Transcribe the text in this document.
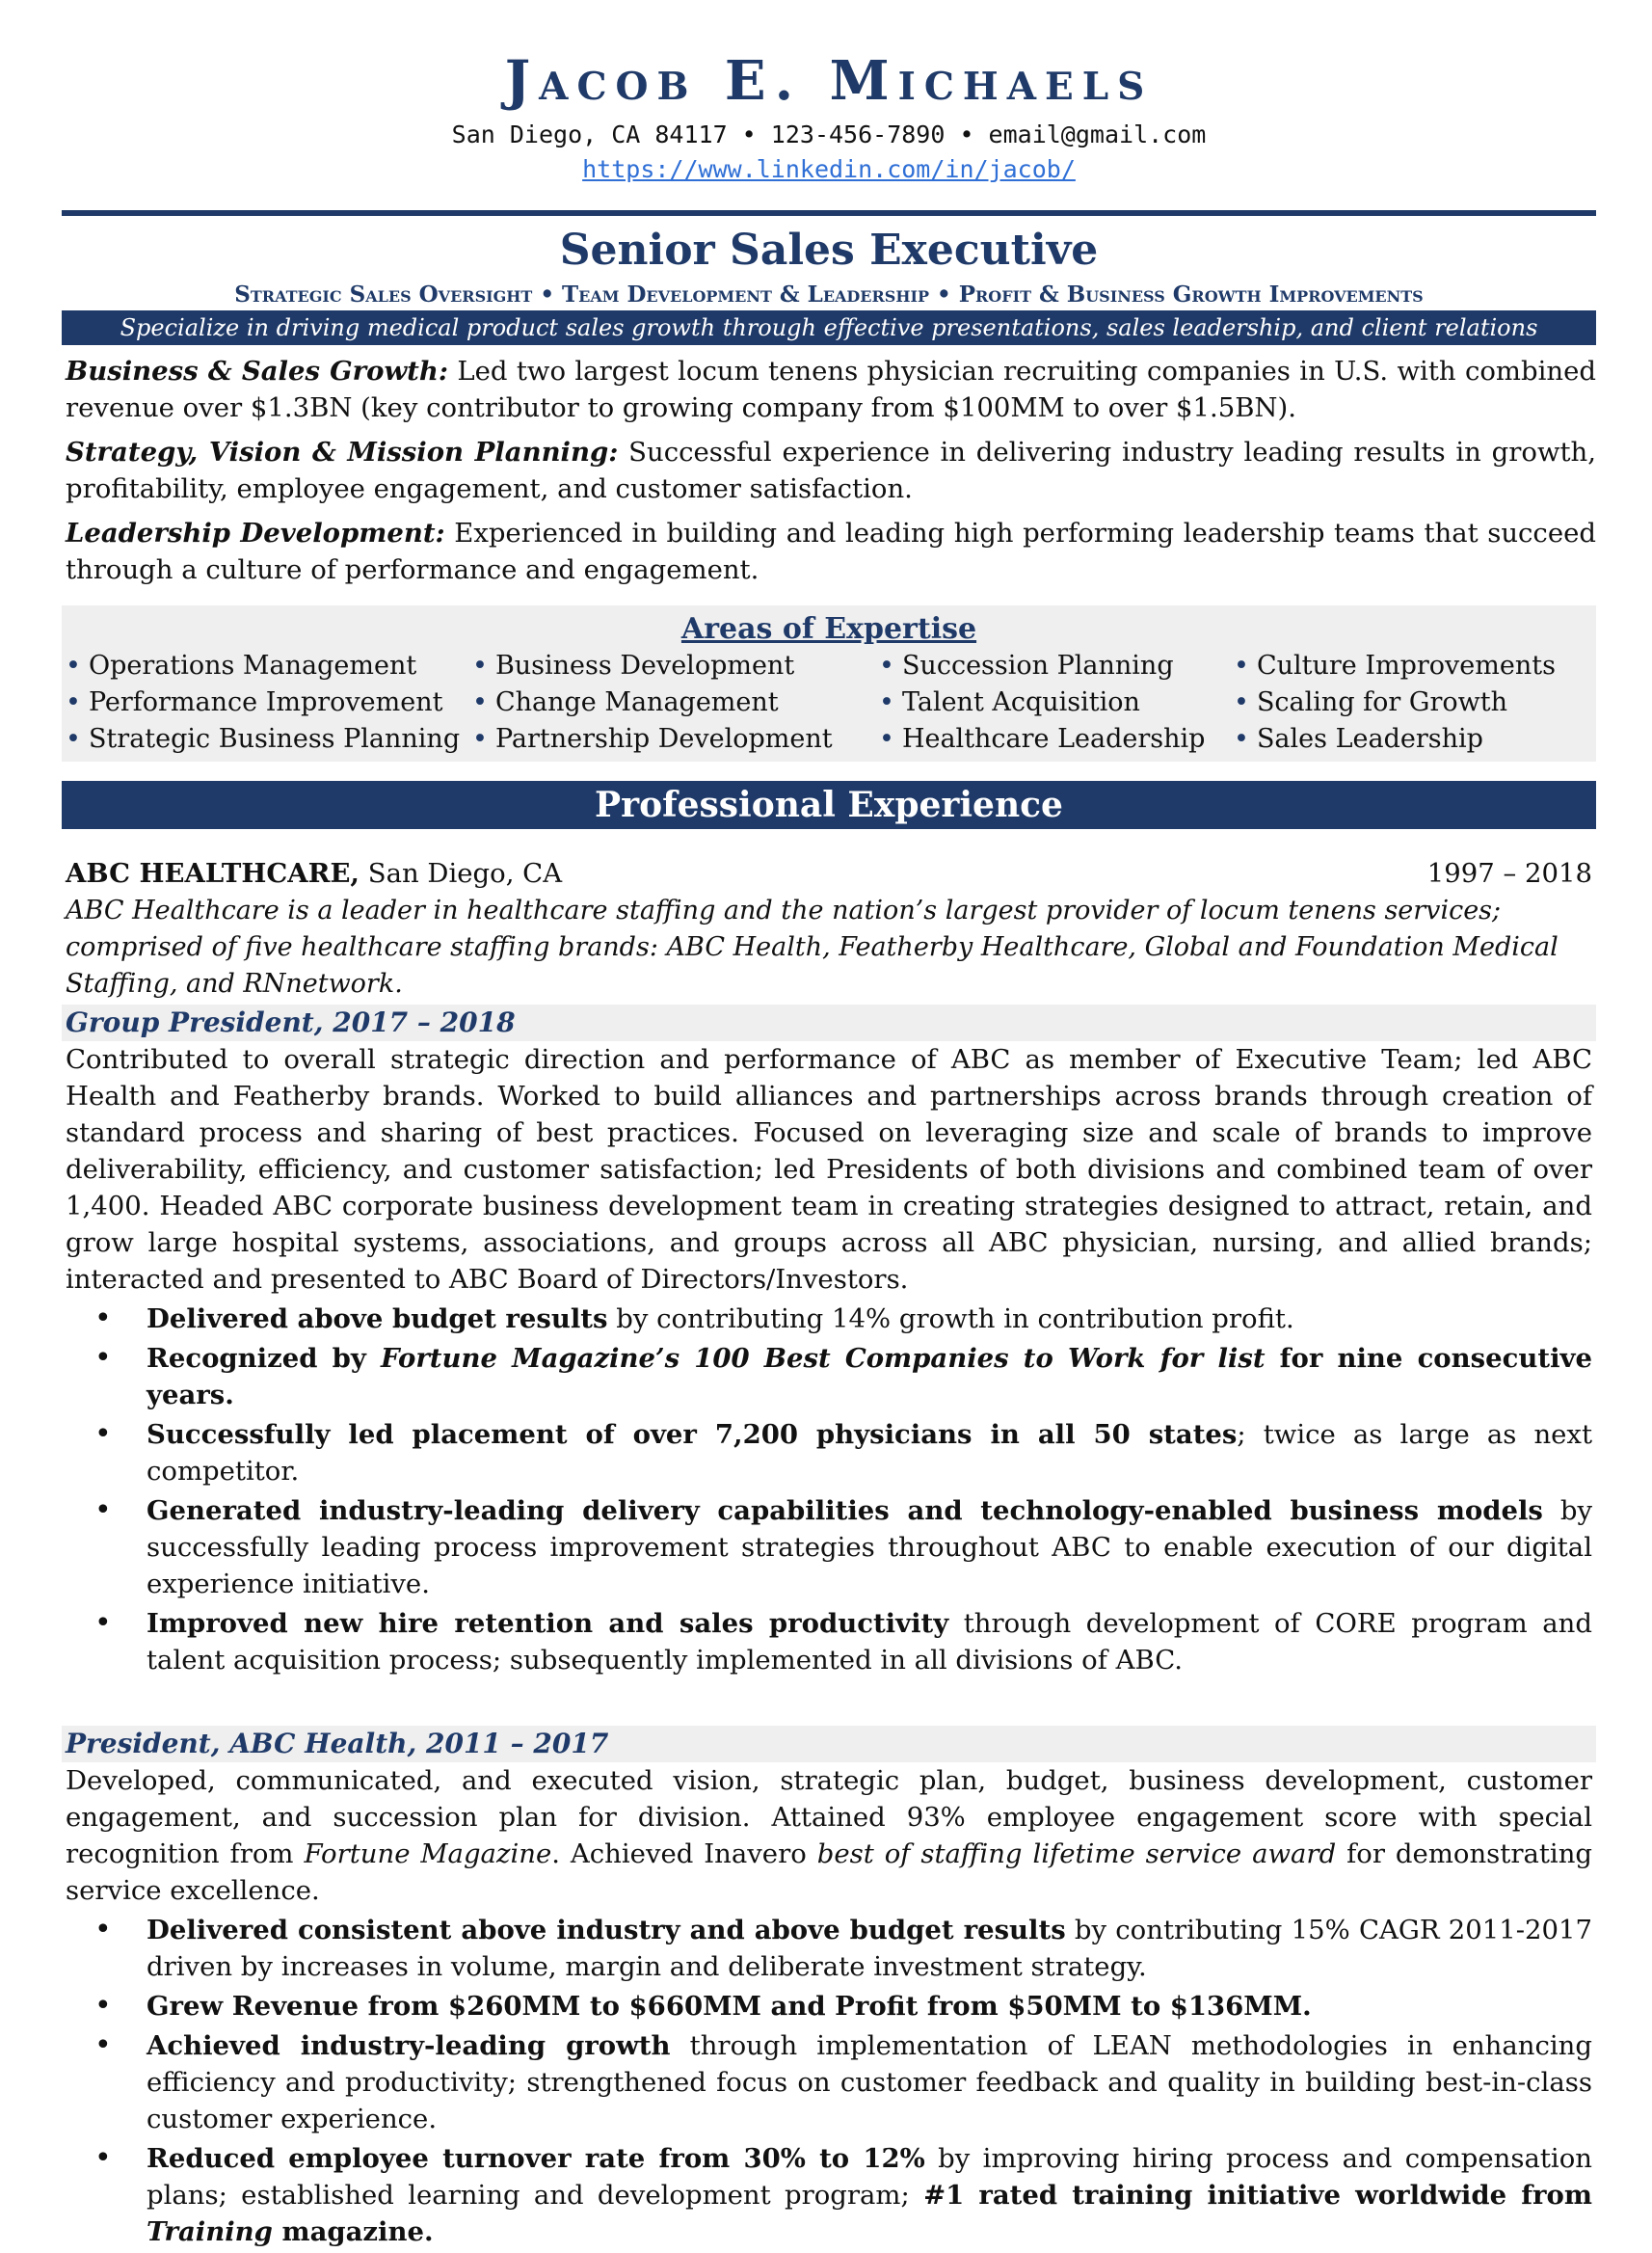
Jacob E. Michaels
San Diego, CA 84117 • 123-456-7890 • email@gmail.com
https://www.linkedin.com/in/jacob/
Senior Sales Executive
Strategic Sales Oversight • Team Development & Leadership • Profit & Business Growth Improvements
Specialize in driving medical product sales growth through effective presentations, sales leadership, and client relations

Business & Sales Growth: Led two largest locum tenens physician recruiting companies in U.S. with combined revenue over $1.3BN (key contributor to growing company from $100MM to over $1.5BN).

Strategy, Vision & Mission Planning: Successful experience in delivering industry leading results in growth, profitability, employee engagement, and customer satisfaction.

Leadership Development: Experienced in building and leading high performing leadership teams that succeed through a culture of performance and engagement.

Areas of Expertise
• Operations Management	• Business Development	• Succession Planning	• Culture Improvements
• Performance Improvement	• Change Management	• Talent Acquisition	• Scaling for Growth
• Strategic Business Planning • Partnership Development	• Healthcare Leadership	• Sales Leadership
Professional Experience
ABC HEALTHCARE, San Diego, CA	1997 – 2018
ABC Healthcare is a leader in healthcare staffing and the nation’s largest provider of locum tenens services; comprised of five healthcare staffing brands: ABC Health, Featherby Healthcare, Global and Foundation Medical Staffing, and RNnetwork.
Group President, 2017 – 2018

Contributed to overall strategic direction and performance of ABC as member of Executive Team; led ABC Health and Featherby brands. Worked to build alliances and partnerships across brands through creation of standard process and sharing of best practices. Focused on leveraging size and scale of brands to improve deliverability, efficiency, and customer satisfaction; led Presidents of both divisions and combined team of over 1,400. Headed ABC corporate business development team in creating strategies designed to attract, retain, and grow large hospital systems, associations, and groups across all ABC physician, nursing, and allied brands; interacted and presented to ABC Board of Directors/Investors.

• Delivered above budget results by contributing 14% growth in contribution profit.
• Recognized by Fortune Magazine’s 100 Best Companies to Work for list for nine consecutive years.
• Successfully led placement of over 7,200 physicians in all 50 states; twice as large as next competitor.
• Generated industry-leading delivery capabilities and technology-enabled business models by successfully leading process improvement strategies throughout ABC to enable execution of our digital experience initiative.
• Improved new hire retention and sales productivity through development of CORE program and talent acquisition process; subsequently implemented in all divisions of ABC.
President, ABC Health, 2011 – 2017

Developed, communicated, and executed vision, strategic plan, budget, business development, customer engagement, and succession plan for division. Attained 93% employee engagement score with special recognition from Fortune Magazine. Achieved Inavero best of staffing lifetime service award for demonstrating service excellence.

• Delivered consistent above industry and above budget results by contributing 15% CAGR 2011-2017 driven by increases in volume, margin and deliberate investment strategy.
• Grew Revenue from $260MM to $660MM and Profit from $50MM to $136MM.
• Achieved industry-leading growth through implementation of LEAN methodologies in enhancing efficiency and productivity; strengthened focus on customer feedback and quality in building best-in-class customer experience.
• Reduced employee turnover rate from 30% to 12% by improving hiring process and compensation plans; established learning and development program; #1 rated training initiative worldwide from Training magazine.
